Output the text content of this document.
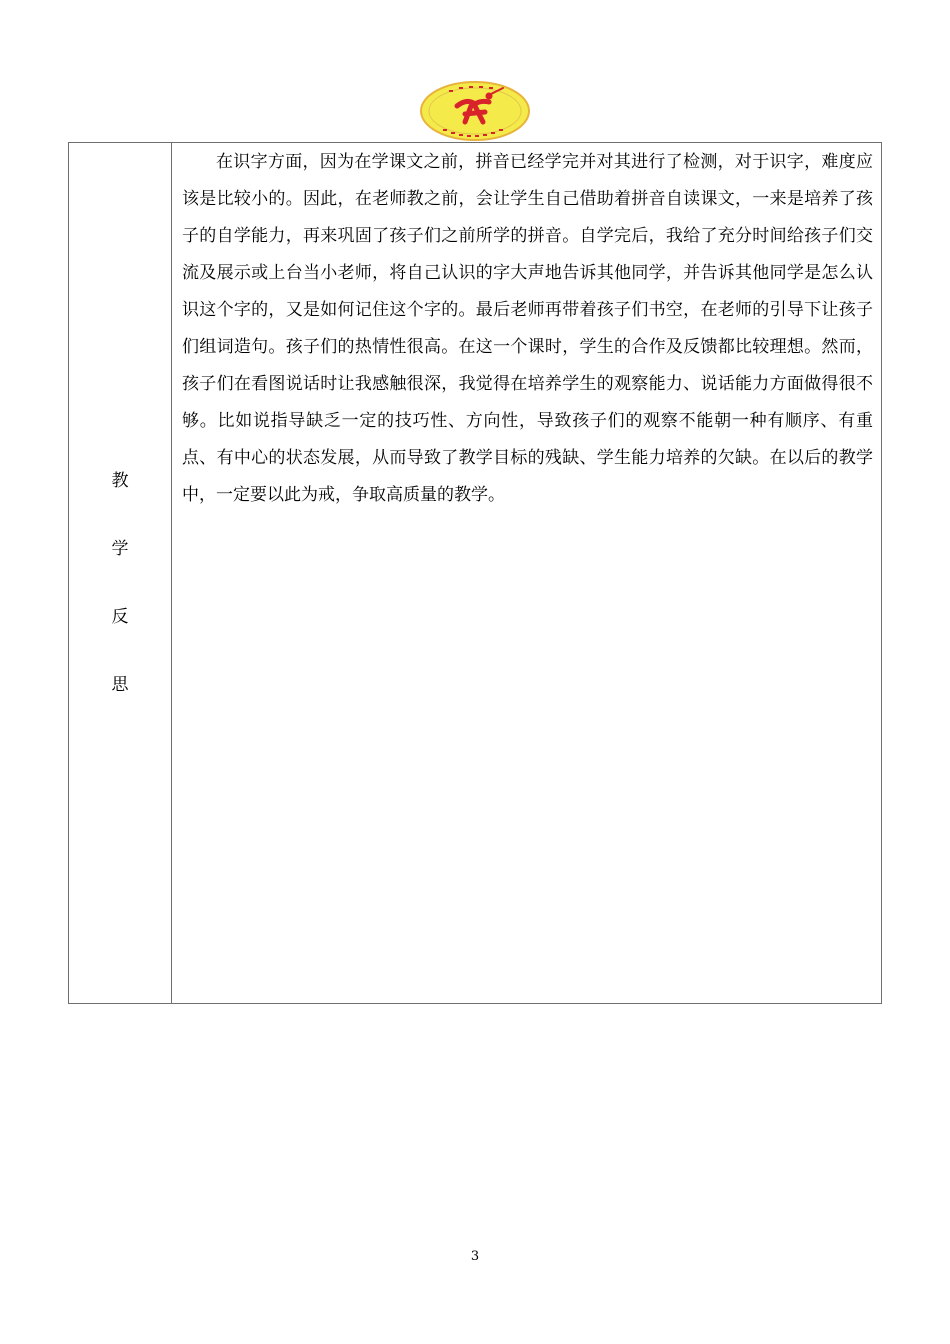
教
学
反
思

在识字方面，因为在学课文之前，拼音已经学完并对其进行了检测，对于识字，难度应该是比较小的。因此，在老师教之前，会让学生自己借助着拼音自读课文，一来是培养了孩子的自学能力，再来巩固了孩子们之前所学的拼音。自学完后，我给了充分时间给孩子们交流及展示或上台当小老师，将自己认识的字大声地告诉其他同学，并告诉其他同学是怎么认识这个字的，又是如何记住这个字的。最后老师再带着孩子们书空，在老师的引导下让孩子们组词造句。孩子们的热情性很高。在这一个课时，学生的合作及反馈都比较理想。然而，孩子们在看图说话时让我感触很深，我觉得在培养学生的观察能力、说话能力方面做得很不够。比如说指导缺乏一定的技巧性、方向性，导致孩子们的观察不能朝一种有顺序、有重点、有中心的状态发展，从而导致了教学目标的残缺、学生能力培养的欠缺。在以后的教学中，一定要以此为戒，争取高质量的教学。

3
